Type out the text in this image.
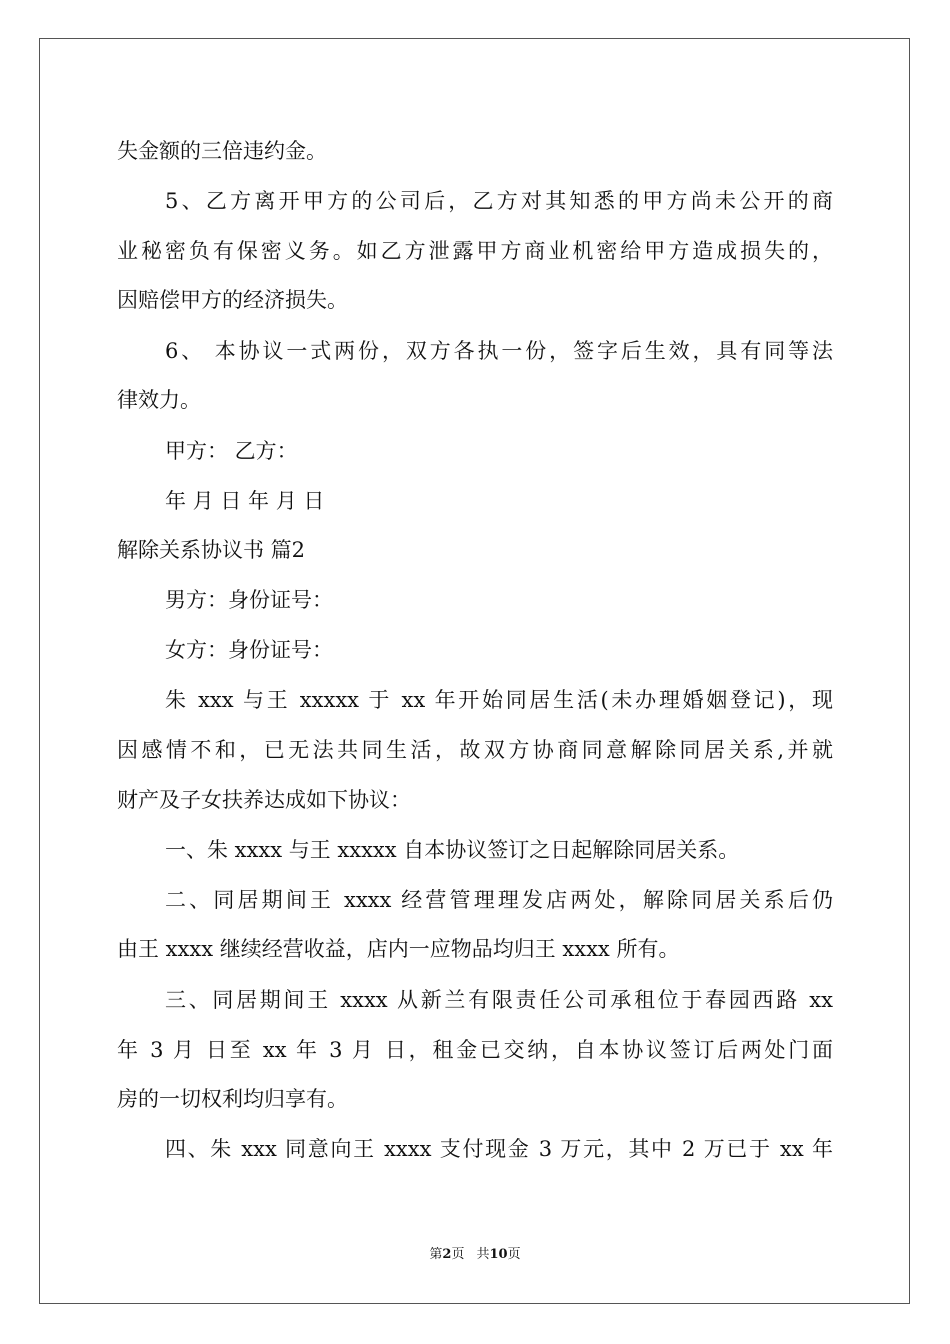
失金额的三倍违约金。
5、乙方离开甲方的公司后，乙方对其知悉的甲方尚未公开的商
业秘密负有保密义务。如乙方泄露甲方商业机密给甲方造成损失的，
因赔偿甲方的经济损失。
6、 本协议一式两份，双方各执一份，签字后生效，具有同等法
律效力。
甲方： 乙方：
年 月 日 年 月 日
解除关系协议书 篇2
男方：身份证号：
女方：身份证号：
朱 xxx 与王 xxxxx 于 xx 年开始同居生活(未办理婚姻登记)，现
因感情不和，已无法共同生活，故双方协商同意解除同居关系,并就
财产及子女扶养达成如下协议：
一、朱 xxxx 与王 xxxxx 自本协议签订之日起解除同居关系。
二、同居期间王 xxxx 经营管理理发店两处，解除同居关系后仍
由王 xxxx 继续经营收益，店内一应物品均归王 xxxx 所有。
三、同居期间王 xxxx 从新兰有限责任公司承租位于春园西路 xx
年 3 月 日至 xx 年 3 月 日，租金已交纳，自本协议签订后两处门面
房的一切权利均归享有。
四、朱 xxx 同意向王 xxxx 支付现金 3 万元，其中 2 万已于 xx 年
第2页 共10页
